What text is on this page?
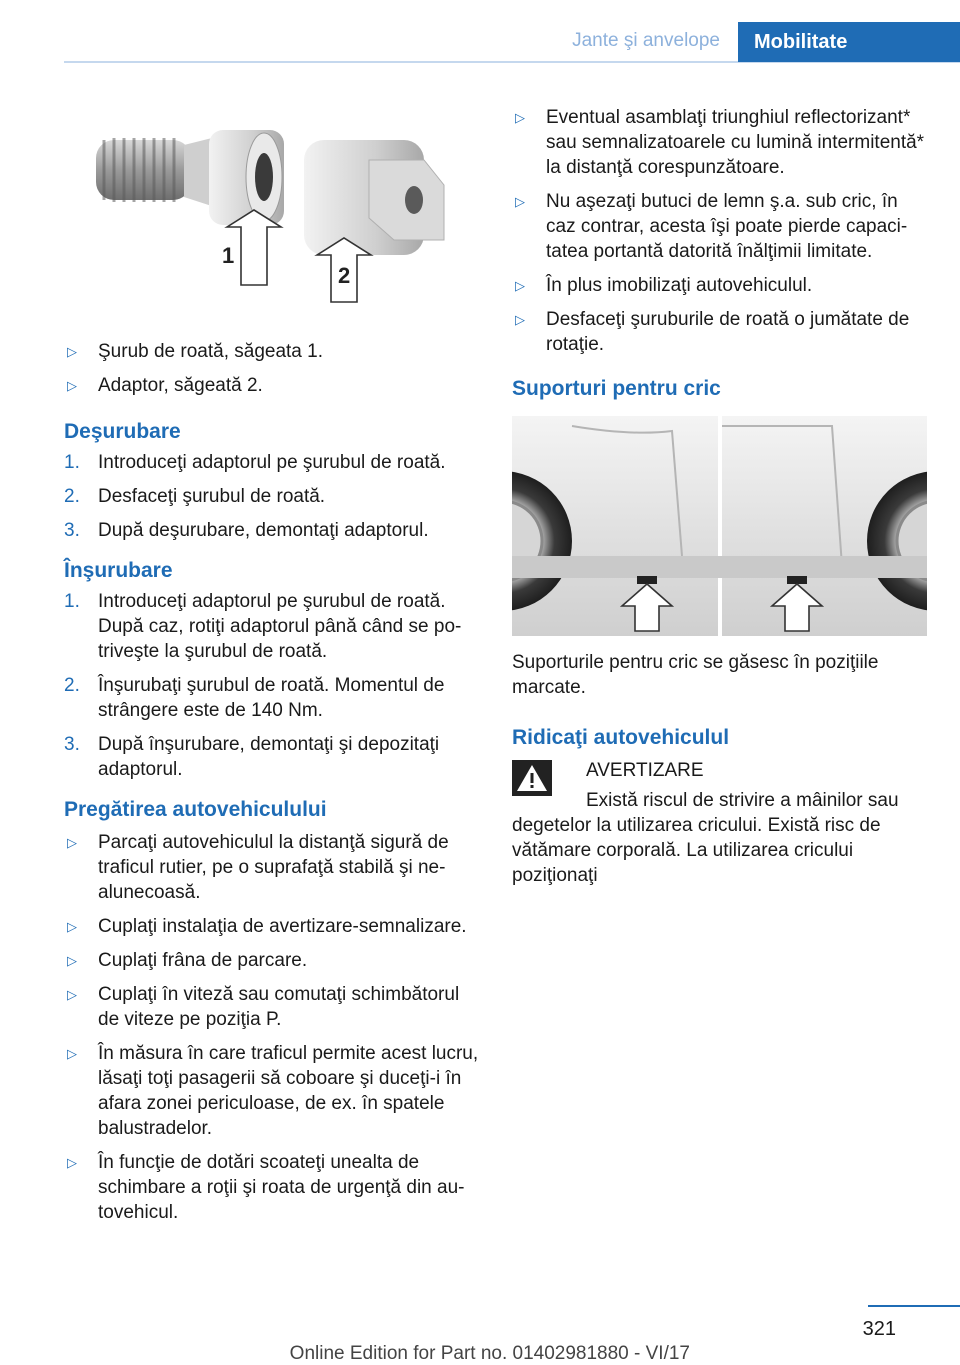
Jante şi anvelope	Mobilitate
1
2
▷ Şurub de roată, săgeata 1.
▷ Adaptor, săgeată 2.
Deşurubare
1. Introduceţi adaptorul pe şurubul de roată.
2. Desfaceţi şurubul de roată.
3. După deşurubare, demontaţi adaptorul.
Înşurubare
1. Introduceţi adaptorul pe şurubul de roată. După caz, rotiţi adaptorul până când se potriveşte la şurubul de roată.
2. Înşurubaţi şurubul de roată. Momentul de strângere este de 140 Nm.
3. După înşurubare, demontaţi şi depozitaţi adaptorul.
Pregătirea autovehiculului
▷ Parcaţi autovehiculul la distanţă sigură de traficul rutier, pe o suprafaţă stabilă şi nealunecoasă.
▷ Cuplaţi instalaţia de avertizare-semnalizare.
▷ Cuplaţi frâna de parcare.
▷ Cuplaţi în viteză sau comutaţi schimbătorul de viteze pe poziţia P.
▷ În măsura în care traficul permite acest lucru, lăsaţi toţi pasagerii să coboare şi duceţi-i în afara zonei periculoase, de ex. în spatele balustradelor.
▷ În funcţie de dotări scoateţi unealta de schimbare a roţii şi roata de urgenţă din autovehicul.
▷ Eventual asamblaţi triunghiul reflectorizant* sau semnalizatoarele cu lumină intermitentă* la distanţă corespunzătoare.
▷ Nu aşezaţi butuci de lemn ş.a. sub cric, în caz contrar, acesta îşi poate pierde capacitatea portantă datorită înălţimii limitate.
▷ În plus imobilizaţi autovehiculul.
▷ Desfaceţi şuruburile de roată o jumătate de rotaţie.
Suporturi pentru cric

Suporturile pentru cric se găsesc în poziţiile marcate.

Ridicaţi autovehiculul
AVERTIZARE

Există riscul de strivire a mâinilor sau degetelor la utilizarea cricului. Există risc de vătămare corporală. La utilizarea cricului poziţionaţi

321
Online Edition for Part no. 01402981880 - VI/17
